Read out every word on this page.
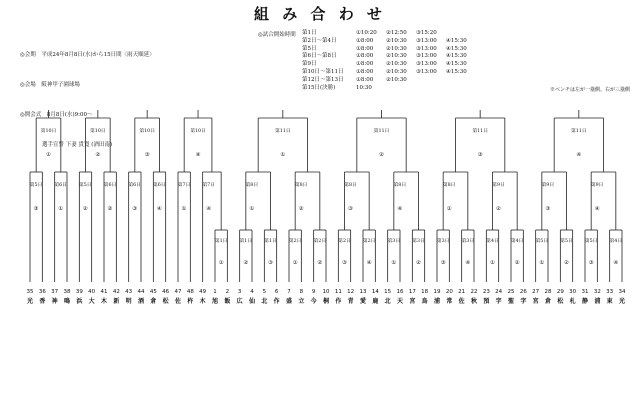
組 み 合 わ せ

◎会期　 平成24年8月8日(水)から15日間〈雨天順延〉

◎会場　 阪神甲子園球場

◎開会式　 8月8日(水)9:00～

選手宣誓 下妻 貴寛 (酒田南)

◎試合開始時間 第1日	①10:20 ②12:50 ③15:20
第2日～第4日	①8:00 ②10:30 ③13:00 ④15:30
第5日	①8:00 ②10:30 ③13:00 ④15:30
第6日～第8日	①8:00 ②10:30 ③13:00 ④15:30
第9日	①8:00 ②10:30 ③13:00 ④15:30
第10日～第11日 ①8:00 ②10:30 ③13:00 ④15:30
第12日～第13日 ①8:00 ②10:30
第15日(決勝)	10:30	※ベンチは左が一塁側、右が三塁側
35 36 37 38 39 40 41 42 43 44 45 46 47 48 49 1 2 3 4 5 6 7 8 9 10 11 12 13 14 15 16 17 18 19 20 21 22 23 24 25 26 27 28 29 30 31 32 33 34
光 香 神 鳴 浜 大 木 新 明 酒 倉 松 佐 杵 木 旭 飯 広 仙 北 作 盛 立 今 桐 作 青 愛 鹿 北 天 宮 鳥 浦 常 佐 秋 預 字 聖 字 宮 倉 松 札 静 浦 東 光
第1日
①
第1日
②
第1日
③
第2日
①
第2日
②
第2日
③
第2日
④
第3日
①
第3日
②
第3日
③
第3日
④
第4日
①
第4日
②
第5日
①
第5日
②
第5日
③
第4日
④
第5日
③
第6日
①
第5日
②
第6日
②
第6日
③
第6日
④
第7日
①
第7日
④
第8日
①
第8日
②
第8日
③
第8日
④
第8日
①
第9日
②
第9日
③
第9日
④
第10日
①
第10日
②
第10日
③
第10日
④
第11日
①
第11日
②
第11日
③
第11日
④
